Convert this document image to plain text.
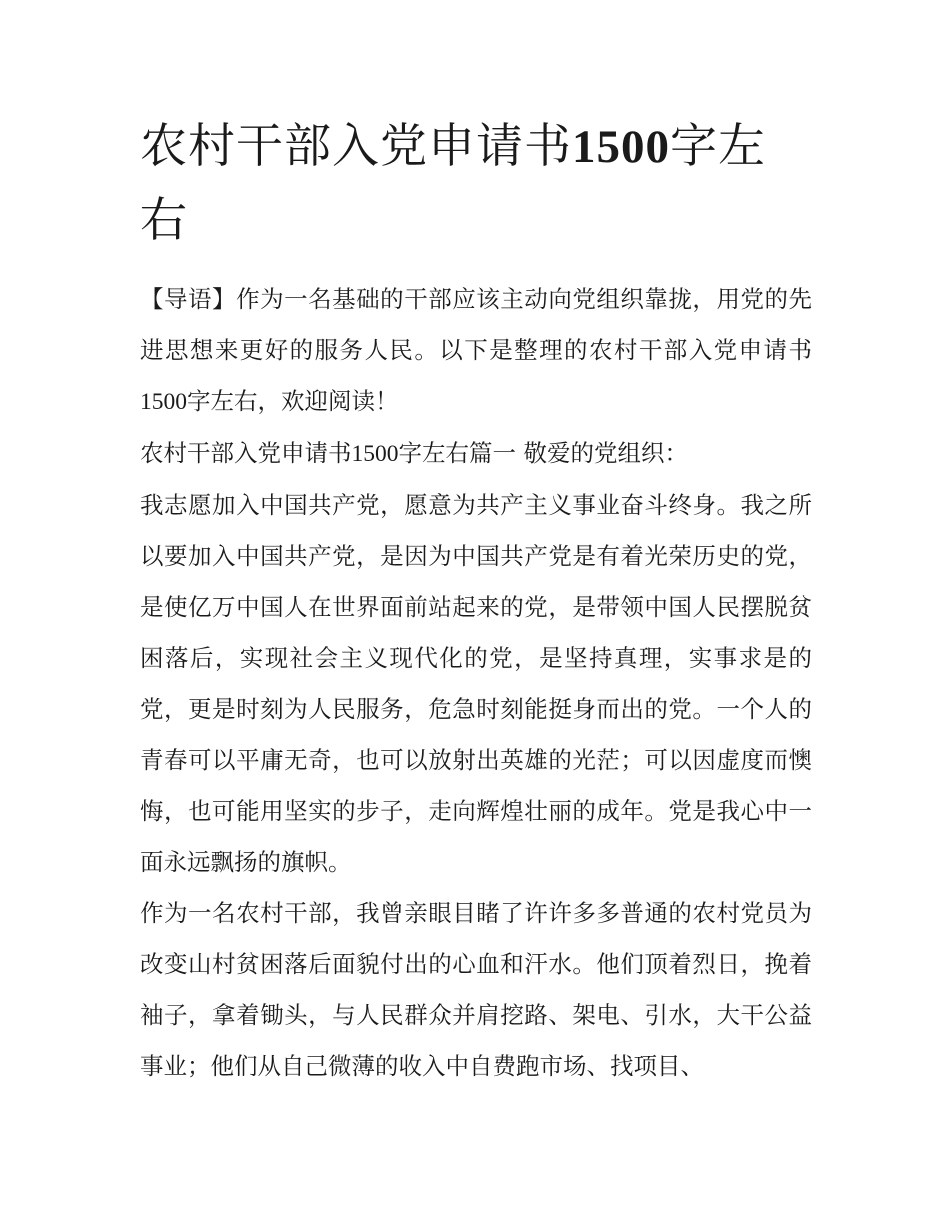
农村干部入党申请书1500字左右

【导语】作为一名基础的干部应该主动向党组织靠拢，用党的先进思想来更好的服务人民。以下是整理的农村干部入党申请书1500字左右，欢迎阅读！

农村干部入党申请书1500字左右篇一 敬爱的党组织：

我志愿加入中国共产党，愿意为共产主义事业奋斗终身。我之所以要加入中国共产党，是因为中国共产党是有着光荣历史的党，是使亿万中国人在世界面前站起来的党，是带领中国人民摆脱贫困落后，实现社会主义现代化的党，是坚持真理，实事求是的党，更是时刻为人民服务，危急时刻能挺身而出的党。一个人的青春可以平庸无奇，也可以放射出英雄的光茫；可以因虚度而懊悔，也可能用坚实的步子，走向辉煌壮丽的成年。党是我心中一面永远飘扬的旗帜。

作为一名农村干部，我曾亲眼目睹了许许多多普通的农村党员为改变山村贫困落后面貌付出的心血和汗水。他们顶着烈日，挽着袖子，拿着锄头，与人民群众并肩挖路、架电、引水，大干公益事业；他们从自己微薄的收入中自费跑市场、找项目、
